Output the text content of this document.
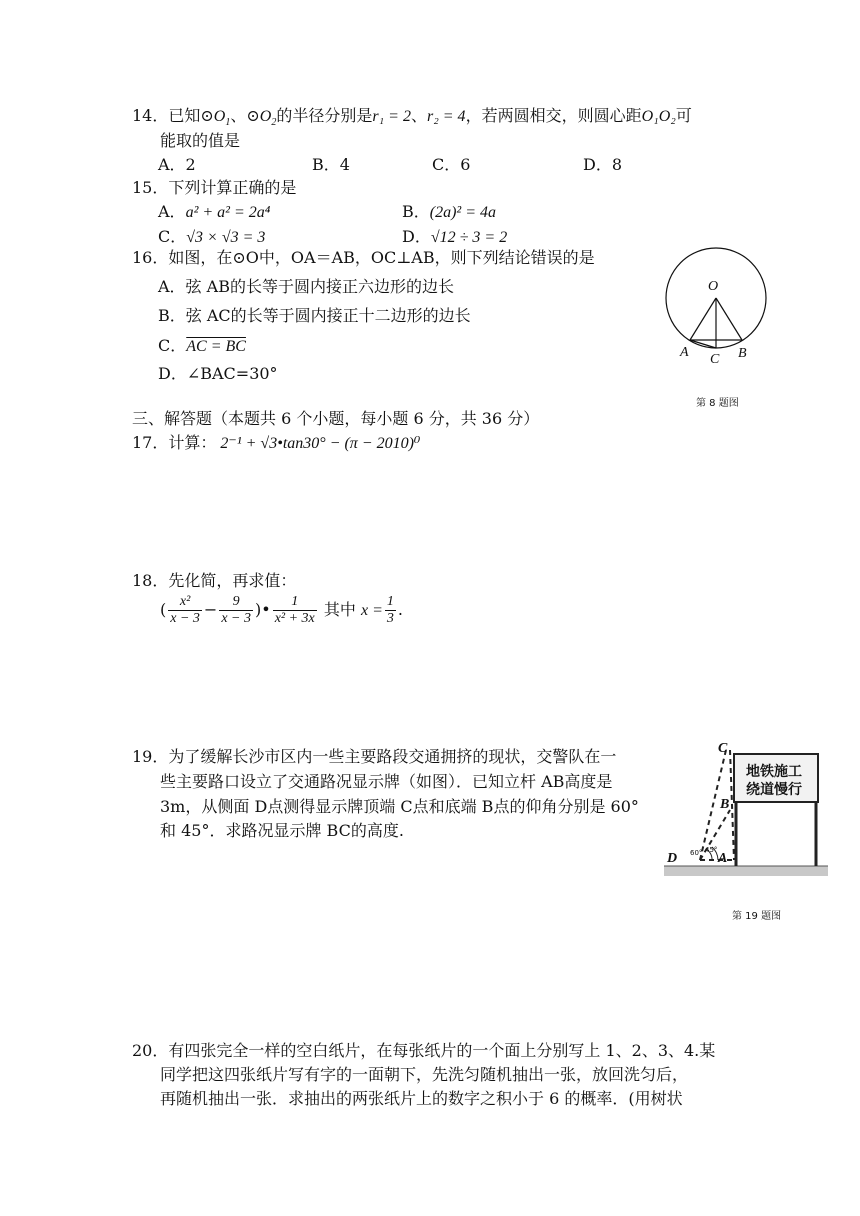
14．已知$⊙O_1$、$⊙O_2$的半径分别是r₁ = 2、r₂ = 4，若两圆相交，则圆心距O₁O₂可
能取的值是
A．2	B．4	C．6	D．8
15．下列计算正确的是
A．a² + a² = 2a⁴	B．(2a)² = 4a
C．√3 × √3 = 3	D．√12 ÷ 3 = 2
16．如图，在⊙O中，OA＝AB，OC⊥AB，则下列结论错误的是
A．弦 AB的长等于圆内接正六边形的边长
B．弦 AC的长等于圆内接正十二边形的边长
C．AC = BC
D．∠BAC=30°
O
A C B
第 8 题图
三、解答题（本题共 6 个小题，每小题 6 分，共 36 分）
17．计算： 2⁻¹ + √3•tan30° − (π − 2010)⁰
18．先化简，再求值：
( $\frac{\text{x²}}{x - 3} - \frac{9}{x - 3}$ )• $\frac{1}{\text{x² + 3x}}$ 其中 $x = \frac{1}{3}$ .
19．为了缓解长沙市区内一些主要路段交通拥挤的现状，交警队在一
些主要路口设立了交通路况显示牌（如图）．已知立杆 AB高度是
3m，从侧面 D点测得显示牌顶端 C点和底端 B点的仰角分别是 60°
和 45°．求路况显示牌 BC的高度.
地铁施工
绕道慢行
C
B
D	A
60° 45°
第 19 题图
20．有四张完全一样的空白纸片，在每张纸片的一个面上分别写上 1、2、3、4.某
同学把这四张纸片写有字的一面朝下，先洗匀随机抽出一张，放回洗匀后，
再随机抽出一张．求抽出的两张纸片上的数字之积小于 6 的概率．(用树状
